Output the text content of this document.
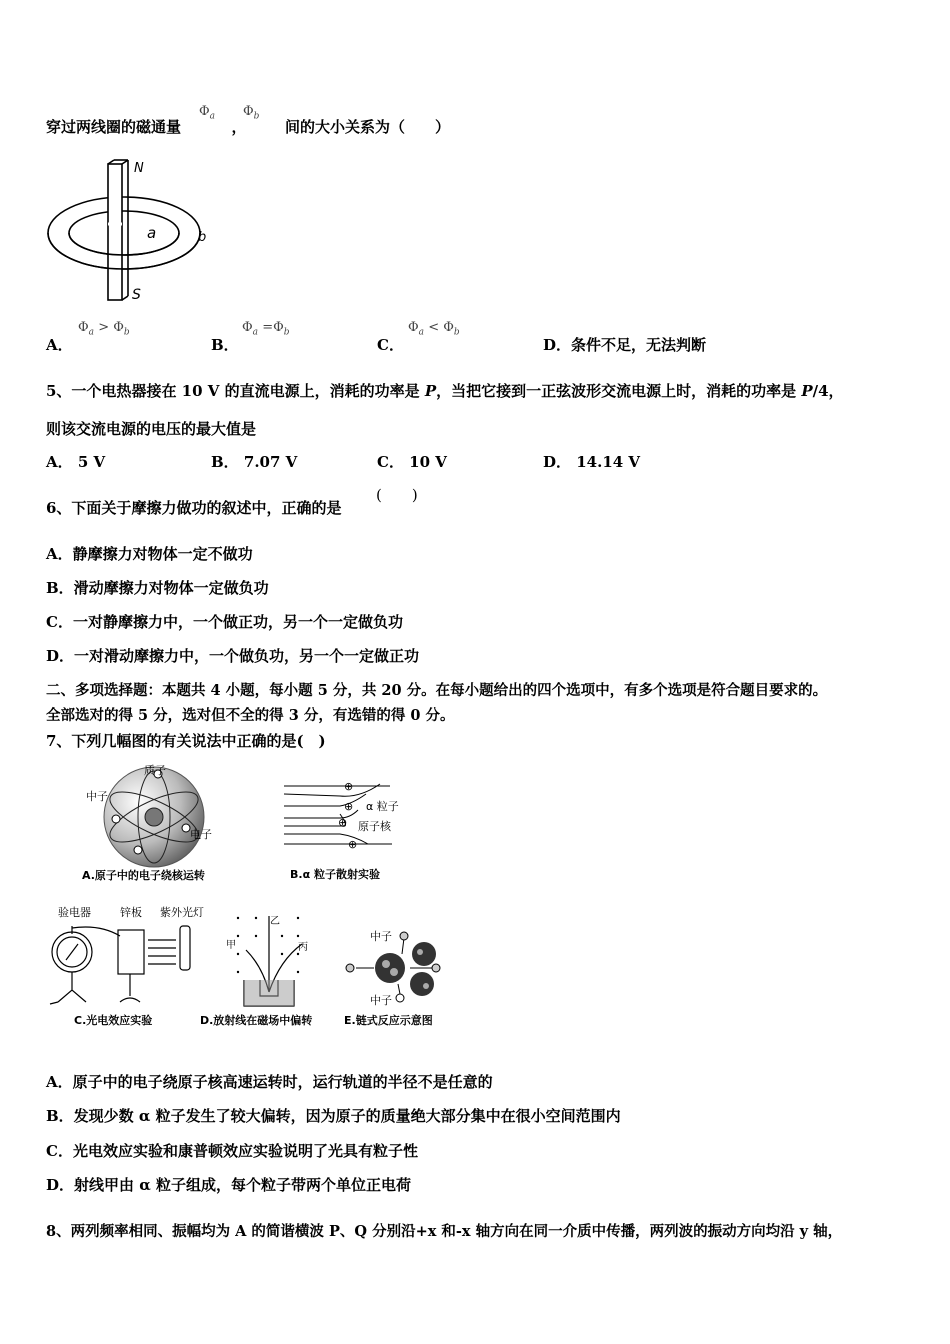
穿过两线圈的磁通量	，	间的大小关系为（　　）
$\Phi_a$ $\Phi_b$
N
S
a	b
A．
$\Phi_a > \Phi_b$
B．
$\Phi_a =\Phi_b$
C．
$\Phi_a < \Phi_b$
D．条件不足，无法判断
5、一个电热器接在 10 V 的直流电源上，消耗的功率是 P，当把它接到一正弦波形交流电源上时，消耗的功率是 P/4，
则该交流电源的电压的最大值是
A． 5 V	B． 7.07 V	C． 10 V	D． 14.14 V
6、下面关于摩擦力做功的叙述中，正确的是
(　　)
A．静摩擦力对物体一定不做功
B．滑动摩擦力对物体一定做负功
C．一对静摩擦力中，一个做正功，另一个一定做负功
D．一对滑动摩擦力中，一个做负功，另一个一定做正功
二、多项选择题：本题共 4 小题，每小题 5 分，共 20 分。在每小题给出的四个选项中，有多个选项是符合题目要求的。
全部选对的得 5 分，选对但不全的得 3 分，有选错的得 0 分。
7、下列几幅图的有关说法中正确的是(　)
质子
中子
电子
A.原子中的电子绕核运转
⊕
⊕
⊕
⊕
α 粒子
原子核
B.α 粒子散射实验
验电器	锌板 紫外光灯
C.光电效应实验
乙
甲	丙
D.放射线在磁场中偏转
中子
中子
E.链式反应示意图
A．原子中的电子绕原子核高速运转时，运行轨道的半径不是任意的
B．发现少数 α 粒子发生了较大偏转，因为原子的质量绝大部分集中在很小空间范围内
C．光电效应实验和康普顿效应实验说明了光具有粒子性
D．射线甲由 α 粒子组成，每个粒子带两个单位正电荷
8、两列频率相同、振幅均为 A 的简谐横波 P、Q 分别沿+x 和-x 轴方向在同一介质中传播，两列波的振动方向均沿 y 轴，
